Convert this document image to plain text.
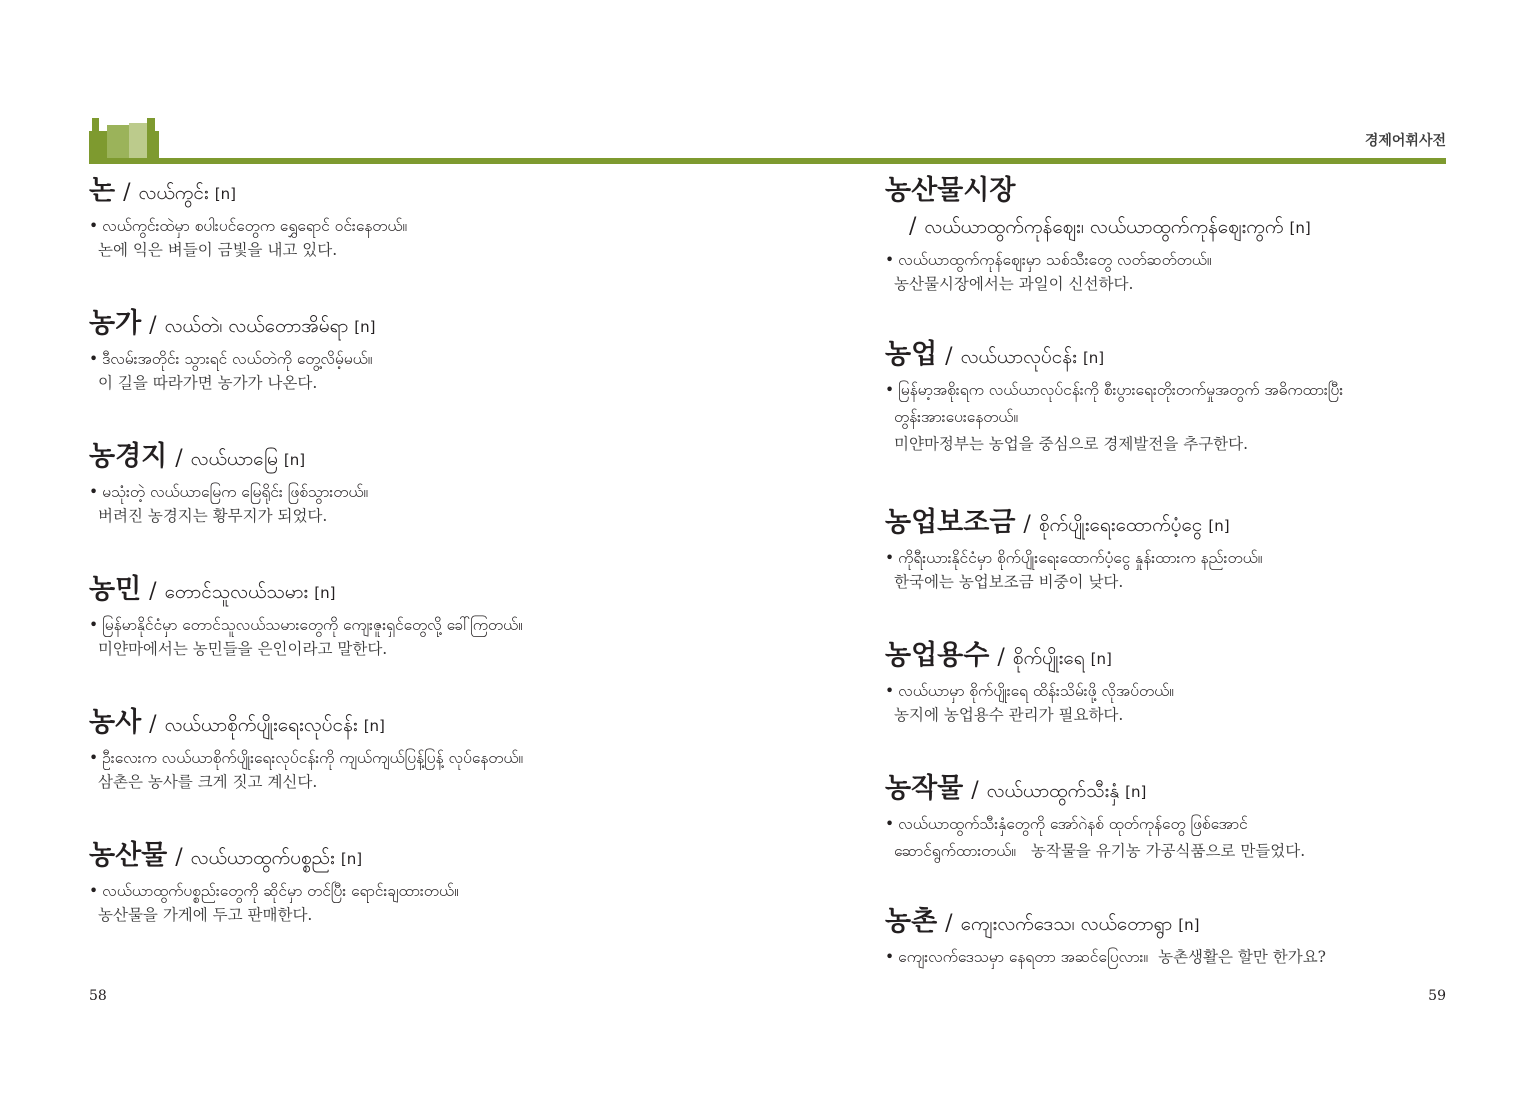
경제어휘사전
논 / လယ်ကွင်း [n]
• လယ်ကွင်းထဲမှာ စပါးပင်တွေက ရွှေရောင် ဝင်းနေတယ်။
논에 익은 벼들이 금빛을 내고 있다.
농가 / လယ်တဲ၊ လယ်တောအိမ်ရာ [n]
• ဒီလမ်းအတိုင်း သွားရင် လယ်တဲကို တွေ့လိမ့်မယ်။
이 길을 따라가면 농가가 나온다.
농경지 / လယ်ယာမြေ [n]
• မသုံးတဲ့ လယ်ယာမြေက မြေရိုင်း ဖြစ်သွားတယ်။
버려진 농경지는 황무지가 되었다.
농민 / တောင်သူလယ်သမား [n]
• မြန်မာနိုင်ငံမှာ တောင်သူလယ်သမားတွေကို ကျေးဇူးရှင်တွေလို့ ခေါ်ကြတယ်။
미얀마에서는 농민들을 은인이라고 말한다.
농사 / လယ်ယာစိုက်ပျိုးရေးလုပ်ငန်း [n]
• ဦးလေးက လယ်ယာစိုက်ပျိုးရေးလုပ်ငန်းကို ကျယ်ကျယ်ပြန့်ပြန့် လုပ်နေတယ်။
삼촌은 농사를 크게 짓고 계신다.
농산물 / လယ်ယာထွက်ပစ္စည်း [n]
• လယ်ယာထွက်ပစ္စည်းတွေကို ဆိုင်မှာ တင်ပြီး ရောင်းချထားတယ်။
농산물을 가게에 두고 판매한다.
농산물시장
/ လယ်ယာထွက်ကုန်ဈေး၊ လယ်ယာထွက်ကုန်ဈေးကွက် [n]
• လယ်ယာထွက်ကုန်ဈေးမှာ သစ်သီးတွေ လတ်ဆတ်တယ်။
농산물시장에서는 과일이 신선하다.
농업 / လယ်ယာလုပ်ငန်း [n]
• မြန်မာ့အစိုးရက လယ်ယာလုပ်ငန်းကို စီးပွားရေးတိုးတက်မှုအတွက် အဓိကထားပြီး
တွန်းအားပေးနေတယ်။
미얀마정부는 농업을 중심으로 경제발전을 추구한다.
농업보조금 / စိုက်ပျိုးရေးထောက်ပံ့ငွေ [n]
• ကိုရီးယားနိုင်ငံမှာ စိုက်ပျိုးရေးထောက်ပံ့ငွေ နှုန်းထားက နည်းတယ်။
한국에는 농업보조금 비중이 낮다.
농업용수 / စိုက်ပျိုးရေ [n]
• လယ်ယာမှာ စိုက်ပျိုးရေ ထိန်းသိမ်းဖို့ လိုအပ်တယ်။
농지에 농업용수 관리가 필요하다.
농작물 / လယ်ယာထွက်သီးနှံ [n]
• လယ်ယာထွက်သီးနှံတွေကို အော်ဂဲနစ် ထုတ်ကုန်တွေ ဖြစ်အောင်
ဆောင်ရွက်ထားတယ်။ 농작물을 유기농 가공식품으로 만들었다.
농촌 / ကျေးလက်ဒေသ၊ လယ်တောရွာ [n]
• ကျေးလက်ဒေသမှာ နေရတာ အဆင်ပြေလား။ 농촌생활은 할만 한가요?
58	59
